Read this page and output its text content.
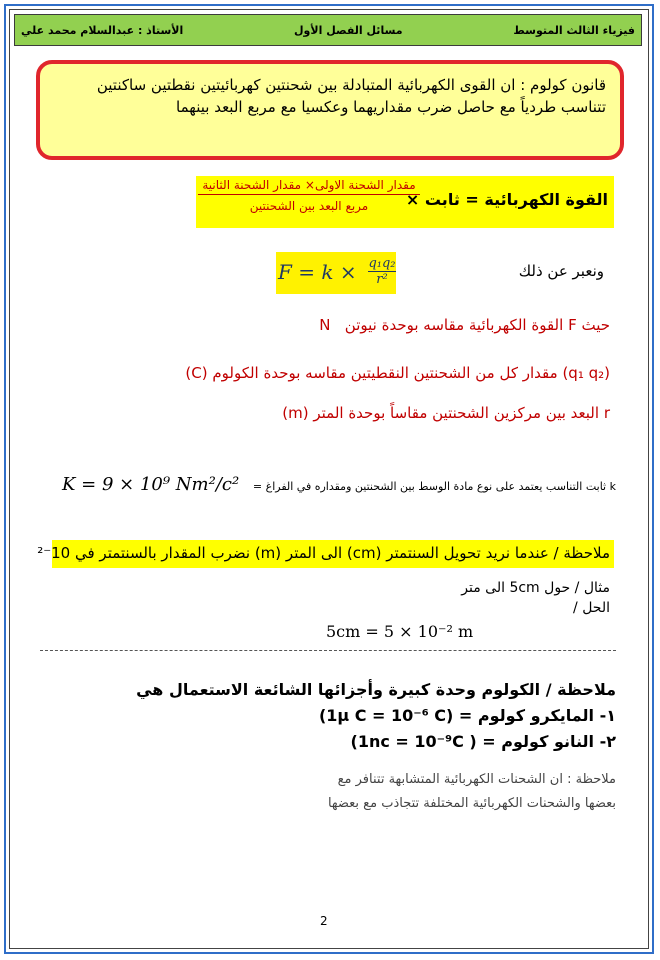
فيزياء الثالث المتوسط
مسائل الفصل الأول
الأستاذ : عبدالسلام محمد علي
قانون كولوم : ان القوى الكهربائية المتبادلة بين شحنتين كهربائيتين نقطتين ساكنتين
تتناسب طردياً مع حاصل ضرب مقداريهما وعكسيا مع مربع البعد بينهما
القوة الكهربائية = ثابت ×
مقدار الشحنة الاولى× مقدار الشحنة الثانية
مربع البعد بين الشحنتين
ونعبر عن ذلك
$F = k \times \frac{\text{q₁q₂}}{\text{r²}}$
حيث F القوة الكهربائية مقاسه بوحدة نيوتن   N
(q₁ q₂) مقدار كل من الشحنتين النقطيتين مقاسه بوحدة الكولوم (C)
r البعد بين مركزين الشحنتين مقاساً بوحدة المتر (m)
K = 9 × 10⁹ Nm²/c² k ثابت التناسب يعتمد على نوع مادة الوسط بين الشحنتين ومقداره في الفراغ =
ملاحظة / عندما نريد تحويل السنتمتر (cm) الى المتر (m) نضرب المقدار بالسنتمتر في 10⁻²
مثال / حول 5cm الى متر
الحل /
5cm = 5 × 10⁻² m
ملاحظة / الكولوم وحدة كبيرة وأجزائها الشائعة الاستعمال هي
١- المايكرو كولوم = (1μ C = 10⁻⁶ C)
٢- النانو كولوم = ( 1nc = 10⁻⁹C)
ملاحظة : ان الشحنات الكهربائية المتشابهة تتنافر مع
بعضها والشحنات الكهربائية المختلفة تتجاذب مع بعضها
2
